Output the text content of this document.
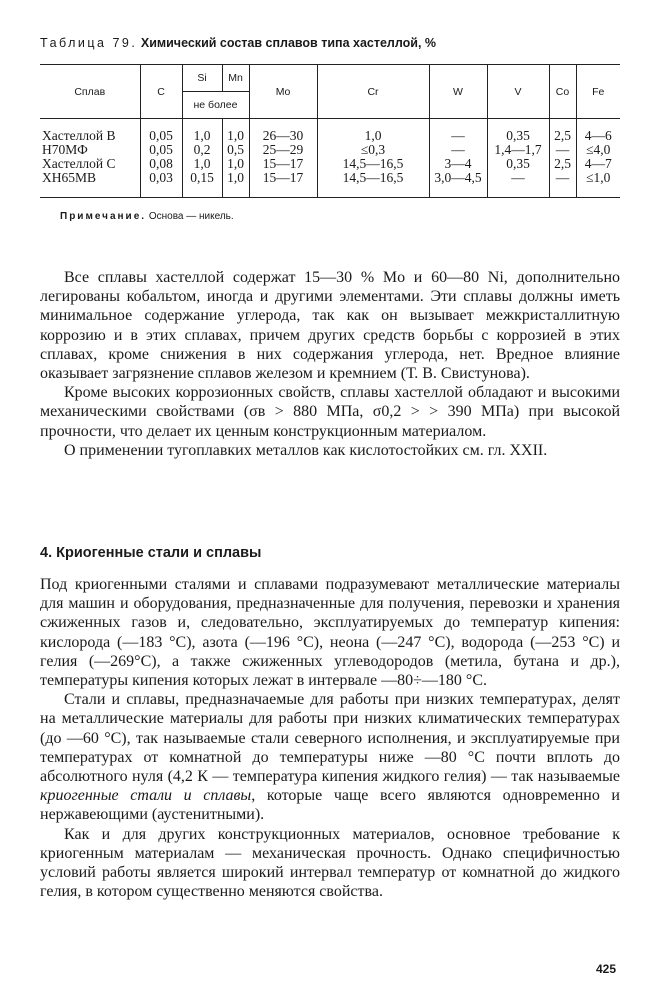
Таблица 79. Химический состав сплавов типа хастеллой, %
Сплав	C	Si	Mn	Mo	Cr	W	V	Co	Fe
		не более							

Хастеллой В	0,05	1,0	1,0	26—30	1,0	—	0,35	2,5	4—6
Н70МФ	0,05	0,2	0,5	25—29	≤0,3	—	1,4—1,7	—	≤4,0
Хастеллой С	0,08	1,0	1,0	15—17	14,5—16,5	3—4	0,35	2,5	4—7
ХН65МВ	0,03	0,15	1,0	15—17	14,5—16,5	3,0—4,5	—	—	≤1,0
Примечание. Основа — никель.									

Все сплавы хастеллой содержат 15—30 % Mo и 60—80 Ni, дополнительно легированы кобальтом, иногда и другими элементами. Эти сплавы должны иметь минимальное содержание углерода, так как он вызывает межкристаллитную коррозию и в этих сплавах, причем других средств борьбы с коррозией в этих сплавах, кроме снижения в них содержания углерода, нет. Вредное влияние оказывает загрязнение сплавов железом и кремнием (Т. В. Свистунова).

Кроме высоких коррозионных свойств, сплавы хастеллой обладают и высокими механическими свойствами (σв > 880 МПа, σ0,2 > > 390 МПа) при высокой прочности, что делает их ценным конструкционным материалом.

О применении тугоплавких металлов как кислотостойких см. гл. XXII.

4. Криогенные стали и сплавы

Под криогенными сталями и сплавами подразумевают металлические материалы для машин и оборудования, предназначенные для получения, перевозки и хранения сжиженных газов и, следовательно, эксплуатируемых до температур кипения: кислорода (—183 °С), азота (—196 °С), неона (—247 °С), водорода (—253 °С) и гелия (—269°С), а также сжиженных углеводородов (метила, бутана и др.), температуры кипения которых лежат в интервале —80÷—180 °С.

Стали и сплавы, предназначаемые для работы при низких температурах, делят на металлические материалы для работы при низких климатических температурах (до —60 °С), так называемые стали северного исполнения, и эксплуатируемые при температурах от комнатной до температуры ниже —80 °С почти вплоть до абсолютного нуля (4,2 К — температура кипения жидкого гелия) — так называемые криогенные стали и сплавы, которые чаще всего являются одновременно и нержавеющими (аустенитными).

Как и для других конструкционных материалов, основное требование к криогенным материалам — механическая прочность. Однако специфичностью условий работы является широкий интервал температур от комнатной до жидкого гелия, в котором существенно меняются свойства.

425
